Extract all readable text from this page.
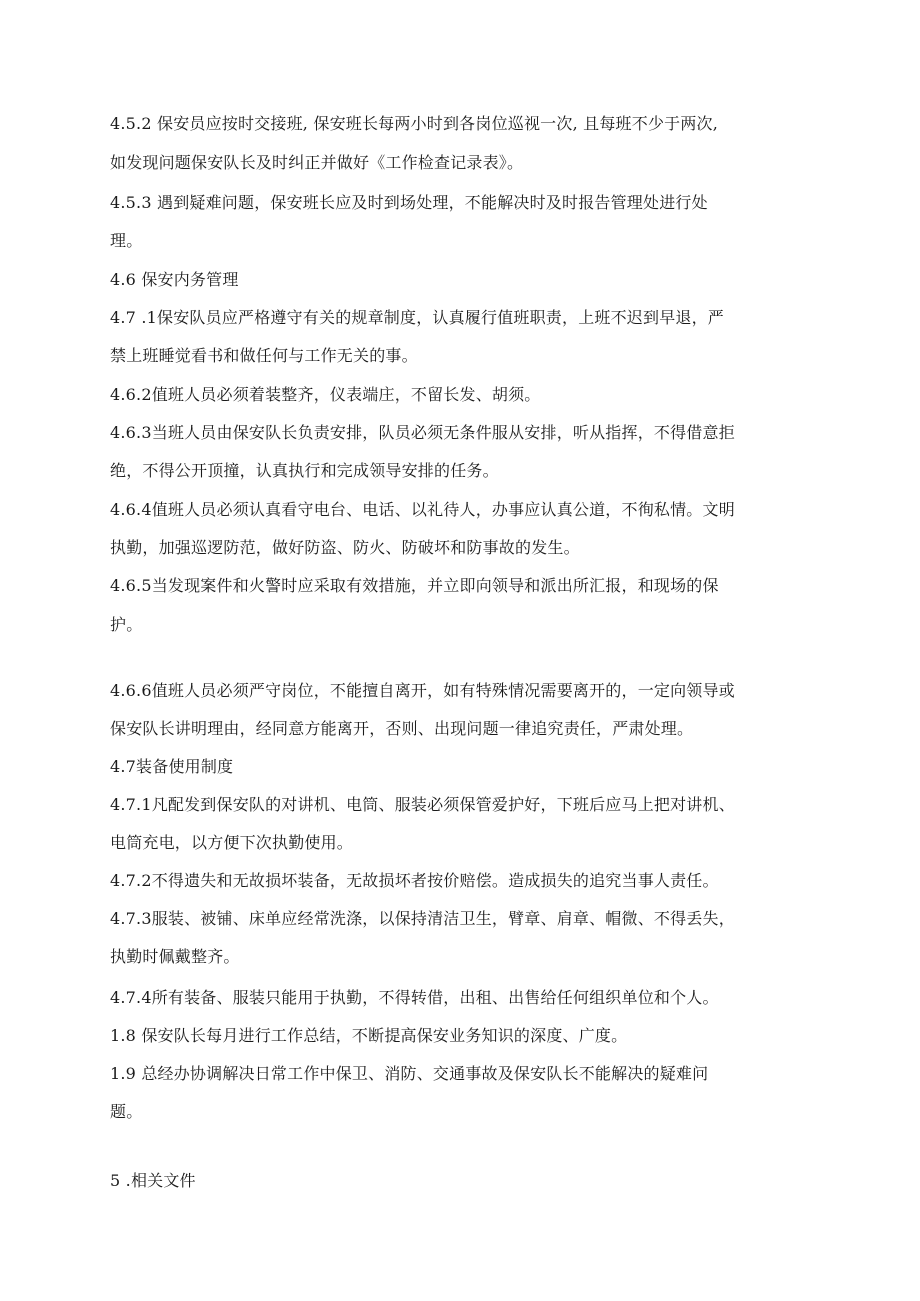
4.5.2 保安员应按时交接班, 保安班长每两小时到各岗位巡视一次, 且每班不少于两次,
如发现问题保安队长及时纠正并做好《工作检查记录表》。
4.5.3 遇到疑难问题，保安班长应及时到场处理，不能解决时及时报告管理处进行处
理。
4.6 保安内务管理
4.7 .1保安队员应严格遵守有关的规章制度，认真履行值班职责，上班不迟到早退，严
禁上班睡觉看书和做任何与工作无关的事。
4.6.2值班人员必须着装整齐，仪表端庄，不留长发、胡须。
4.6.3当班人员由保安队长负责安排，队员必须无条件服从安排，听从指挥，不得借意拒
绝，不得公开顶撞，认真执行和完成领导安排的任务。
4.6.4值班人员必须认真看守电台、电话、以礼待人，办事应认真公道，不徇私情。文明
执勤，加强巡逻防范，做好防盗、防火、防破坏和防事故的发生。
4.6.5当发现案件和火警时应采取有效措施，并立即向领导和派出所汇报，和现场的保
护。
4.6.6值班人员必须严守岗位，不能擅自离开，如有特殊情况需要离开的，一定向领导或
保安队长讲明理由，经同意方能离开，否则、出现问题一律追究责任，严肃处理。
4.7装备使用制度
4.7.1凡配发到保安队的对讲机、电筒、服装必须保管爱护好，下班后应马上把对讲机、
电筒充电，以方便下次执勤使用。
4.7.2不得遗失和无故损坏装备，无故损坏者按价赔偿。造成损失的追究当事人责任。
4.7.3服装、被铺、床单应经常洗涤，以保持清洁卫生，臂章、肩章、帽微、不得丢失，
执勤时佩戴整齐。
4.7.4所有装备、服装只能用于执勤，不得转借，出租、出售给任何组织单位和个人。
1.8 保安队长每月进行工作总结，不断提高保安业务知识的深度、广度。
1.9 总经办协调解决日常工作中保卫、消防、交通事故及保安队长不能解决的疑难问
题。
5 .相关文件
